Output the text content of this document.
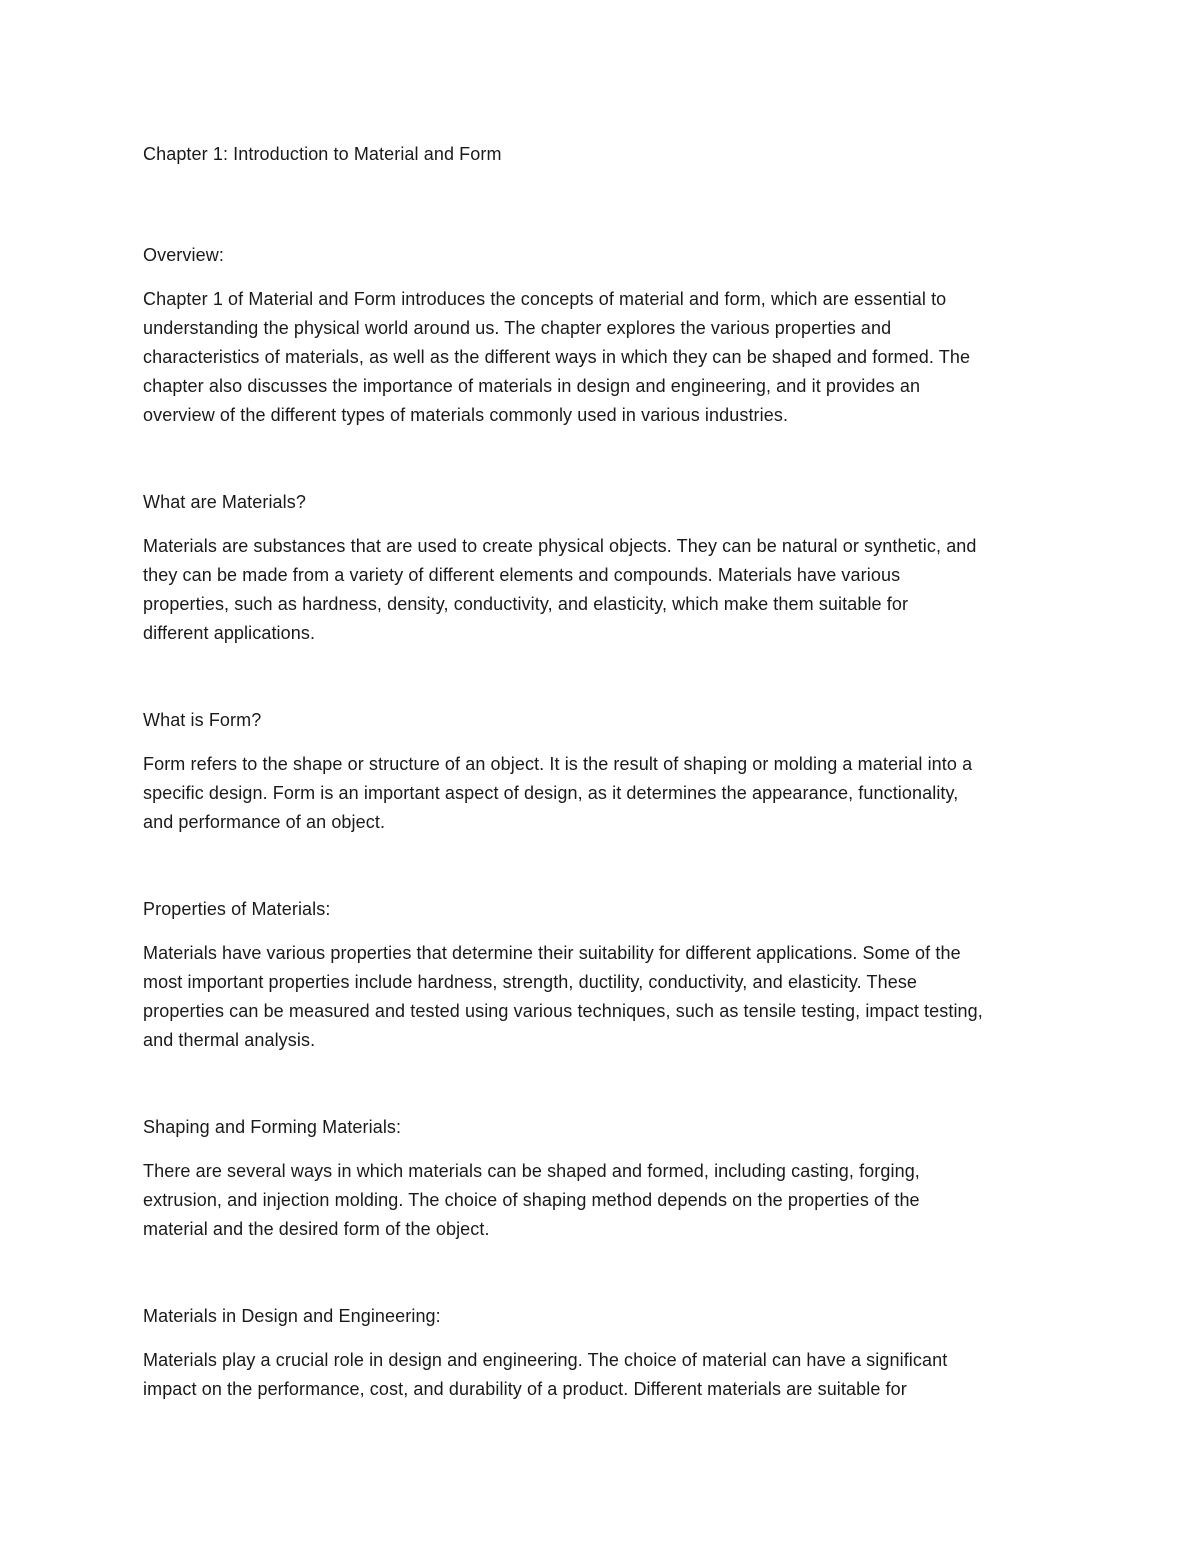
Chapter 1: Introduction to Material and Form

Overview:

Chapter 1 of Material and Form introduces the concepts of material and form, which are essential to

understanding the physical world around us. The chapter explores the various properties and

characteristics of materials, as well as the different ways in which they can be shaped and formed. The

chapter also discusses the importance of materials in design and engineering, and it provides an

overview of the different types of materials commonly used in various industries.

What are Materials?

Materials are substances that are used to create physical objects. They can be natural or synthetic, and

they can be made from a variety of different elements and compounds. Materials have various

properties, such as hardness, density, conductivity, and elasticity, which make them suitable for

different applications.

What is Form?

Form refers to the shape or structure of an object. It is the result of shaping or molding a material into a

specific design. Form is an important aspect of design, as it determines the appearance, functionality,

and performance of an object.

Properties of Materials:

Materials have various properties that determine their suitability for different applications. Some of the

most important properties include hardness, strength, ductility, conductivity, and elasticity. These

properties can be measured and tested using various techniques, such as tensile testing, impact testing,

and thermal analysis.

Shaping and Forming Materials:

There are several ways in which materials can be shaped and formed, including casting, forging,

extrusion, and injection molding. The choice of shaping method depends on the properties of the

material and the desired form of the object.

Materials in Design and Engineering:

Materials play a crucial role in design and engineering. The choice of material can have a significant

impact on the performance, cost, and durability of a product. Different materials are suitable for
